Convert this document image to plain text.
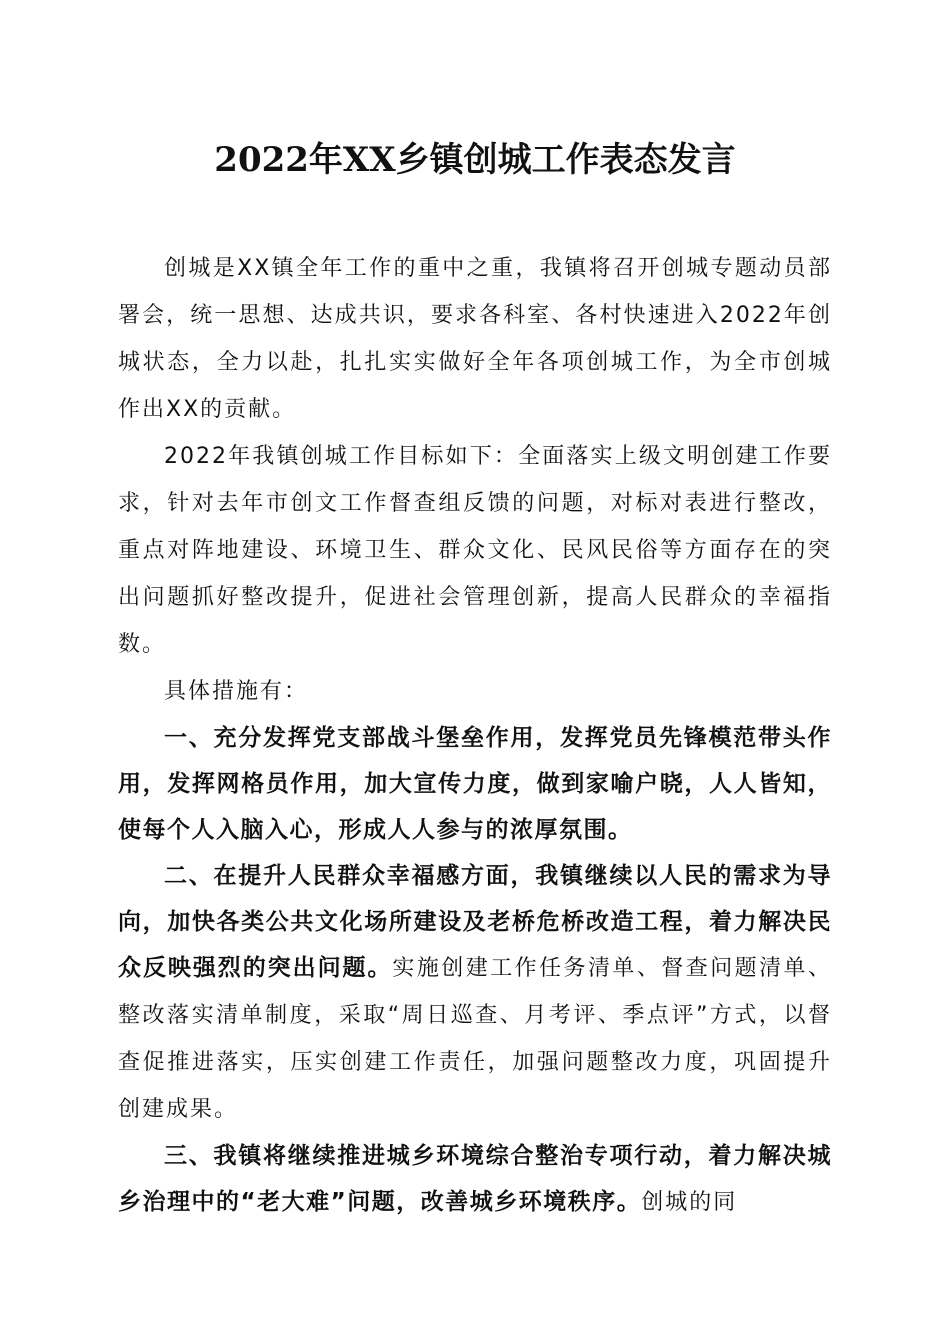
2022年XX乡镇创城工作表态发言

创城是XX镇全年工作的重中之重，我镇将召开创城专题动员部署会，统一思想、达成共识，要求各科室、各村快速进入2022年创城状态，全力以赴，扎扎实实做好全年各项创城工作，为全市创城作出XX的贡献。

2022年我镇创城工作目标如下：全面落实上级文明创建工作要求，针对去年市创文工作督查组反馈的问题，对标对表进行整改，重点对阵地建设、环境卫生、群众文化、民风民俗等方面存在的突出问题抓好整改提升，促进社会管理创新，提高人民群众的幸福指数。

具体措施有：

一、充分发挥党支部战斗堡垒作用，发挥党员先锋模范带头作用，发挥网格员作用，加大宣传力度，做到家喻户晓，人人皆知，使每个人入脑入心，形成人人参与的浓厚氛围。

二、在提升人民群众幸福感方面，我镇继续以人民的需求为导向，加快各类公共文化场所建设及老桥危桥改造工程，着力解决民众反映强烈的突出问题。实施创建工作任务清单、督查问题清单、整改落实清单制度，采取“周日巡查、月考评、季点评”方式，以督查促推进落实，压实创建工作责任，加强问题整改力度，巩固提升创建成果。

三、我镇将继续推进城乡环境综合整治专项行动，着力解决城乡治理中的“老大难”问题，改善城乡环境秩序。创城的同
